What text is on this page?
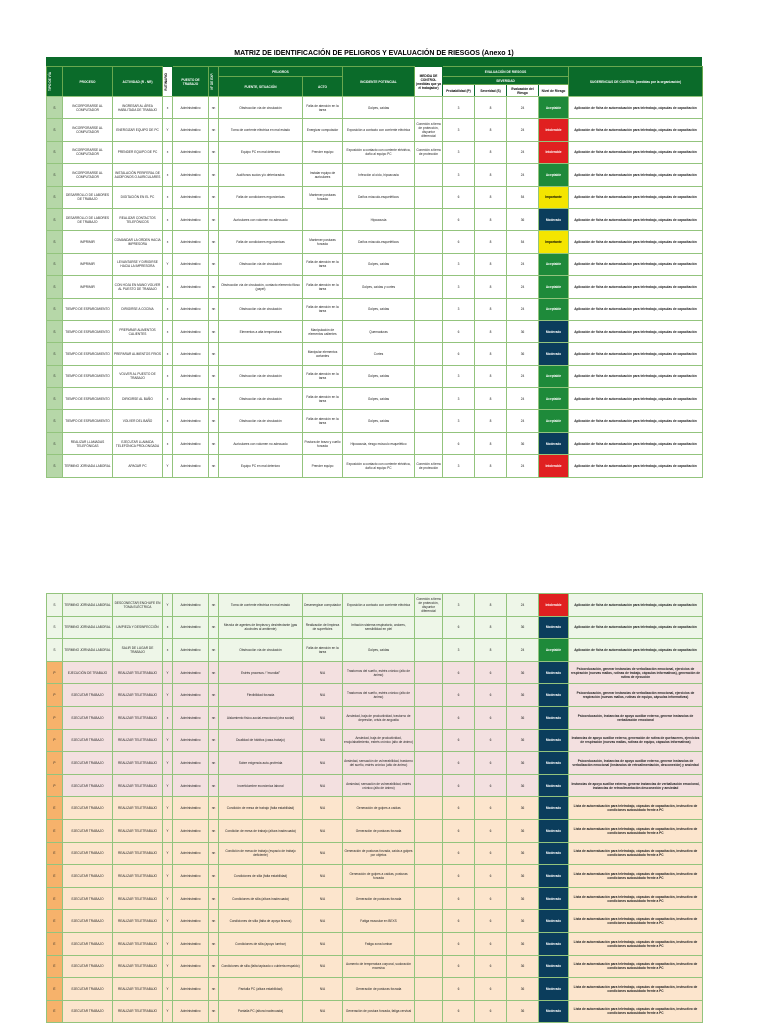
MATRIZ DE IDENTIFICACIÓN DE PELIGROS Y EVALUACIÓN DE RIESGOS (Anexo 1)
TIPO DE VÍA	PROCESO	ACTIVIDAD (R - NR)	RUTINARIO	PUESTO DE TRABAJO	N° DE EXP.	PELIGROS		INCIDENTE POTENCIAL	MEDIDA DE CONTROL (medidas que ya él trabajador)	EVALUACIÓN DE RIESGOS				SUGERENCIAS DE CONTROL (medidas por la organización)
						FUENTE, SITUACIÓN	ACTO			SEVERIDAD				
										Probabilidad (P)	Severidad (S)	Evaluación del Riesgo	Nivel de Riesgo	
S	INCORPORARSE AL COMPUTADOR	INGRESAR AL ÁREA HABILITADA DE TRABAJO	x	Administrativo	nn	Obstrucción vía de circulación	Falta de atención en la tarea	Golpes, caídas		3	8	24	Aceptable	Aplicación de ficha de autoevaluación para teletrabajo, cápsulas de capacitación
S	INCORPORARSE AL COMPUTADOR	ENERGIZAR EQUIPO DE PC	Y	Administrativo	nn	Toma de corriente eléctrica en mal estado	Energizar computador	Exposición a contacto con corriente eléctrica	Conexión a tierra de protección, disyuntor diferencial	3	8	24	Intolerable	Aplicación de ficha de autoevaluación para teletrabajo, cápsulas de capacitación
S	INCORPORARSE AL COMPUTADOR	PRENDER EQUIPO DE PC	x	Administrativo	nn	Equipo PC en mal deterioro	Prender equipo	Exposición a contacto con corriente eléctrica, daño al equipo PC	Conexión a tierra de protección	3	8	24	Intolerable	Aplicación de ficha de autoevaluación para teletrabajo, cápsulas de capacitación
S	INCORPORARSE AL COMPUTADOR	INSTALACIÓN PERIFERAL DE AUDÍFONOS O AURICULARES	x	Administrativo	nn	Audífonos sucios y/o deteriorados	Instalar equipo de auriculares	Infección al oído, hipoacusia		3	8	24	Aceptable	Aplicación de ficha de autoevaluación para teletrabajo, cápsulas de capacitación
S	DESARROLLO DE LABORES DE TRABAJO	DIGITACIÓN EN EL PC	x	Administrativo	nn	Falta de condiciones ergonómicas	Mantener posturas forzada	Daños músculo-esqueléticos		6	8	54	Importante	Aplicación de ficha de autoevaluación para teletrabajo, cápsulas de capacitación
S	DESARROLLO DE LABORES DE TRABAJO	REALIZAR CONTACTOS TELEFÓNICOS	x	Administrativo	nn	Auriculares con volumen no adecuado		Hipoacusia		6	8	36	Moderado	Aplicación de ficha de autoevaluación para teletrabajo, cápsulas de capacitación
S	IMPRIMIR	COMANDAR LA ORDEN HACIA IMPRESORA	x	Administrativo	nn	Falta de condiciones ergonómicas	Mantener posturas forzada	Daños músculo-esqueléticos		6	8	54	Importante	Aplicación de ficha de autoevaluación para teletrabajo, cápsulas de capacitación
S	IMPRIMIR	LEVANTARSE Y DIRIGIRSE HACIA LA IMPRESORA	Y	Administrativo	nn	Obstrucción vía de circulación	Falta de atención en la tarea	Golpes, caídas		3	8	24	Aceptable	Aplicación de ficha de autoevaluación para teletrabajo, cápsulas de capacitación
S	IMPRIMIR	CON HOJA EN MANO VOLVER AL PUESTO DE TRABAJO	x	Administrativo	nn	Obstrucción vía de circulación, contacto elemento filoso (papel)	Falta de atención en la tarea	Golpes, caídas y cortes		3	8	24	Aceptable	Aplicación de ficha de autoevaluación para teletrabajo, cápsulas de capacitación
S	TIEMPO DE ESPARCIMIENTO	DIRIGIRSE A COCINA	x	Administrativo	nn	Obstrucción vía de circulación	Falta de atención en la tarea	Golpes, caídas		3	8	24	Aceptable	Aplicación de ficha de autoevaluación para teletrabajo, cápsulas de capacitación
S	TIEMPO DE ESPARCIMIENTO	PREPARAR ALIMENTOS CALIENTES	x	Administrativo	nn	Elementos a alta temperatura	Manipulación de elementos calientes	Quemaduras		6	8	36	Moderado	Aplicación de ficha de autoevaluación para teletrabajo, cápsulas de capacitación
S	TIEMPO DE ESPARCIMIENTO	PREPARAR ALIMENTOS FRIOS	x	Administrativo	nn		Manipular elementos cortantes	Cortes		6	8	36	Moderado	Aplicación de ficha de autoevaluación para teletrabajo, cápsulas de capacitación
S	TIEMPO DE ESPARCIMIENTO	VOLVER AL PUESTO DE TRABAJO	x	Administrativo	nn	Obstrucción vía de circulación	Falta de atención en la tarea	Golpes, caídas		3	8	24	Aceptable	Aplicación de ficha de autoevaluación para teletrabajo, cápsulas de capacitación
S	TIEMPO DE ESPARCIMIENTO	DIRIGIRSE AL BAÑO	x	Administrativo	nn	Obstrucción vía de circulación	Falta de atención en la tarea	Golpes, caídas		3	8	24	Aceptable	Aplicación de ficha de autoevaluación para teletrabajo, cápsulas de capacitación
S	TIEMPO DE ESPARCIMIENTO	VOLVER DEL BAÑO	x	Administrativo	nn	Obstrucción vía de circulación	Falta de atención en la tarea	Golpes, caídas		3	8	24	Aceptable	Aplicación de ficha de autoevaluación para teletrabajo, cápsulas de capacitación
S	REALIZAR LLAMADAS TELEFÓNICAS	EJECUTAR LLAMADA TELEFÓNICA PROLONGADA	x	Administrativo	nn	Auriculares con volumen no adecuado	Postura de brazo y cuello forzada	Hipoacusia, riesgo músculo esquelético		6	8	36	Moderado	Aplicación de ficha de autoevaluación para teletrabajo, cápsulas de capacitación
S	TERMINO JORNADA LABORAL	APAGAR PC	Y	Administrativo	nn	Equipo PC en mal deterioro	Prender equipo	Exposición a contacto con corriente eléctrica, daño al equipo PC	Conexión a tierra de protección	3	8	24	Intolerable	Aplicación de ficha de autoevaluación para teletrabajo, cápsulas de capacitación
S	TERMINO JORNADA LABORAL	DESCONECTAR ENCHUFE EN TOMA ELÉCTRICA	Y	Administrativo	nn	Toma de corriente eléctrica en mal estado	Desenergizar computador	Exposición a contacto con corriente eléctrica	Conexión a tierra de protección, disyuntor diferencial	3	8	24	Intolerable	Aplicación de ficha de autoevaluación para teletrabajo, cápsulas de capacitación
S	TERMINO JORNADA LABORAL	LIMPIEZA Y DESINFECCIÓN	x	Administrativo	nn	Mezcla de agentes de limpieza y desinfectante (gas alcoholes al ambiente)	Realización de limpieza de superficies	Irritación sistema respiratorio, ardores, sensibilidad en piel		6	8	36	Moderado	Aplicación de ficha de autoevaluación para teletrabajo, cápsulas de capacitación
S	TERMINO JORNADA LABORAL	SALIR DE LUGAR DE TRABAJO	x	Administrativo	nn	Obstrucción vía de circulación	Falta de atención en la tarea	Golpes, caídas		3	8	24	Aceptable	Aplicación de ficha de autoevaluación para teletrabajo, cápsulas de capacitación
P	EJECUCIÓN DE TRABAJO	REALIZAR TELETRABAJO	Y	Administrativo	nn	Estrés procesos / "mundial"	N/A	Trastornos del sueño, estrés crónico (alto de ánimo)		6	6	36	Moderado	Psicoeducación, generar instancias de verbalización emocional, ejercicios de respiración (nuevas mallas, rutinas de trabajo, cápsulas informativas), generación de rutina de ejecución
P	EJECUTAR TRABAJO	REALIZAR TELETRABAJO	Y	Administrativo	nn	Flexibilidad forzada	N/A	Trastornos del sueño, estrés crónico (alto de ánimo)		6	6	36	Moderado	Psicoeducación, generar instancias de verbalización emocional, ejercicios de respiración (nuevas mallas, rutinas de equipo, cápsulas informativas)
P	EJECUTAR TRABAJO	REALIZAR TELETRABAJO	x	Administrativo	nn	Aislamiento físico-social-emocional (otra social)	N/A	Ansiedad, baja de productividad, trastorno de depresión, crisis de angustia		6	6	36	Moderado	Psicoeducación, Instancias de apoyo auxiliar externo, generar instancias de verbalización emocional
P	EJECUTAR TRABAJO	REALIZAR TELETRABAJO	Y	Administrativo	nn	Dualidad de hábitos (casa-trabajo)	N/A	Ansiedad, baja de productividad, enojo/abatimiento, estrés crónico (alto de ánimo)		6	6	36	Moderado	Instancias de apoyo auxiliar externo, generación de rutina de quehaceres, ejercicios de respiración (nuevas mallas, rutinas de equipo, cápsulas informativas)
P	EJECUTAR TRABAJO	REALIZAR TELETRABAJO	Y	Administrativo	nn	Sobre exigencia auto-proferida	N/A	Ansiedad, sensación de vulnerabilidad, trastorno del sueño, estrés crónico (alto de ánimo)		6	6	36	Moderado	Psicoeducación, Instancias de apoyo auxiliar externo, generar instancias de verbalización emocional (instancias de retroalimentación, desconexión) y ansiedad
P	EJECUTAR TRABAJO	REALIZAR TELETRABAJO	Y	Administrativo	nn	Incertidumbre económica laboral	N/A	Ansiedad, sensación de vulnerabilidad, estrés crónico (alto de ánimo)		6	6	36	Moderado	Instancias de apoyo auxiliar externo, generar instancias de verbalización emocional, instancias de retroalimentación desconexión y ansiedad
E	EJECUTAR TRABAJO	REALIZAR TELETRABAJO	Y	Administrativo	nn	Condición de mesa de trabajo (falta estabilidad)	N/A	Generación de golpes a caídas		6	6	36	Moderado	Lista de autoevaluación para teletrabajo, cápsulas de capacitación, instructivo de condiciones autocuidado frente a PC
E	EJECUTAR TRABAJO	REALIZAR TELETRABAJO	Y	Administrativo	nn	Condición de mesa de trabajo (altura inadecuada)	N/A	Generación de posturas forzada		6	6	36	Moderado	Lista de autoevaluación para teletrabajo, cápsulas de capacitación, instructivo de condiciones autocuidado frente a PC
E	EJECUTAR TRABAJO	REALIZAR TELETRABAJO	Y	Administrativo	nn	Condición de mesa de trabajo (espacio de trabajo deficiente)	N/A	Generación de posturas forzada, caída a golpes por objetos		6	6	36	Moderado	Lista de autoevaluación para teletrabajo, cápsulas de capacitación, instructivo de condiciones autocuidado frente a PC
E	EJECUTAR TRABAJO	REALIZAR TELETRABAJO	Y	Administrativo	nn	Condiciones de silla (falta estabilidad)	N/A	Generación de golpes a caídas, posturas forzada		6	6	36	Moderado	Lista de autoevaluación para teletrabajo, cápsulas de capacitación, instructivo de condiciones autocuidado frente a PC
E	EJECUTAR TRABAJO	REALIZAR TELETRABAJO	Y	Administrativo	nn	Condiciones de silla (altura inadecuada)	N/A	Generación de posturas forzada		6	6	36	Moderado	Lista de autoevaluación para teletrabajo, cápsulas de capacitación, instructivo de condiciones autocuidado frente a PC
E	EJECUTAR TRABAJO	REALIZAR TELETRABAJO	Y	Administrativo	nn	Condiciones de silla (falta de apoya brazos)	N/A	Fatiga muscular en BEXS		6	6	36	Moderado	Lista de autoevaluación para teletrabajo, cápsulas de capacitación, instructivo de condiciones autocuidado frente a PC
E	EJECUTAR TRABAJO	REALIZAR TELETRABAJO	Y	Administrativo	nn	Condiciones de silla (apoyo lumbar)	N/A	Fatiga zona lumbar		6	6	36	Moderado	Lista de autoevaluación para teletrabajo, cápsulas de capacitación, instructivo de condiciones autocuidado frente a PC
E	EJECUTAR TRABAJO	REALIZAR TELETRABAJO	Y	Administrativo	nn	Condiciones de silla (falta tapizado o cubierta respaldo)	N/A	Aumento de temperatura corporal, sudoración excesiva		6	6	36	Moderado	Lista de autoevaluación para teletrabajo, cápsulas de capacitación, instructivo de condiciones autocuidado frente a PC
E	EJECUTAR TRABAJO	REALIZAR TELETRABAJO	Y	Administrativo	nn	Pantalla PC (altura estabilidad)	N/A	Generación de posturas forzada		6	6	36	Moderado	Lista de autoevaluación para teletrabajo, cápsulas de capacitación, instructivo de condiciones autocuidado frente a PC
E	EJECUTAR TRABAJO	REALIZAR TELETRABAJO	Y	Administrativo	nn	Pantalla PC (altura inadecuada)	N/A	Generación de postura forzada, fatiga cervical		6	6	36	Moderado	Lista de autoevaluación para teletrabajo, cápsulas de capacitación, instructivo de condiciones autocuidado frente a PC
